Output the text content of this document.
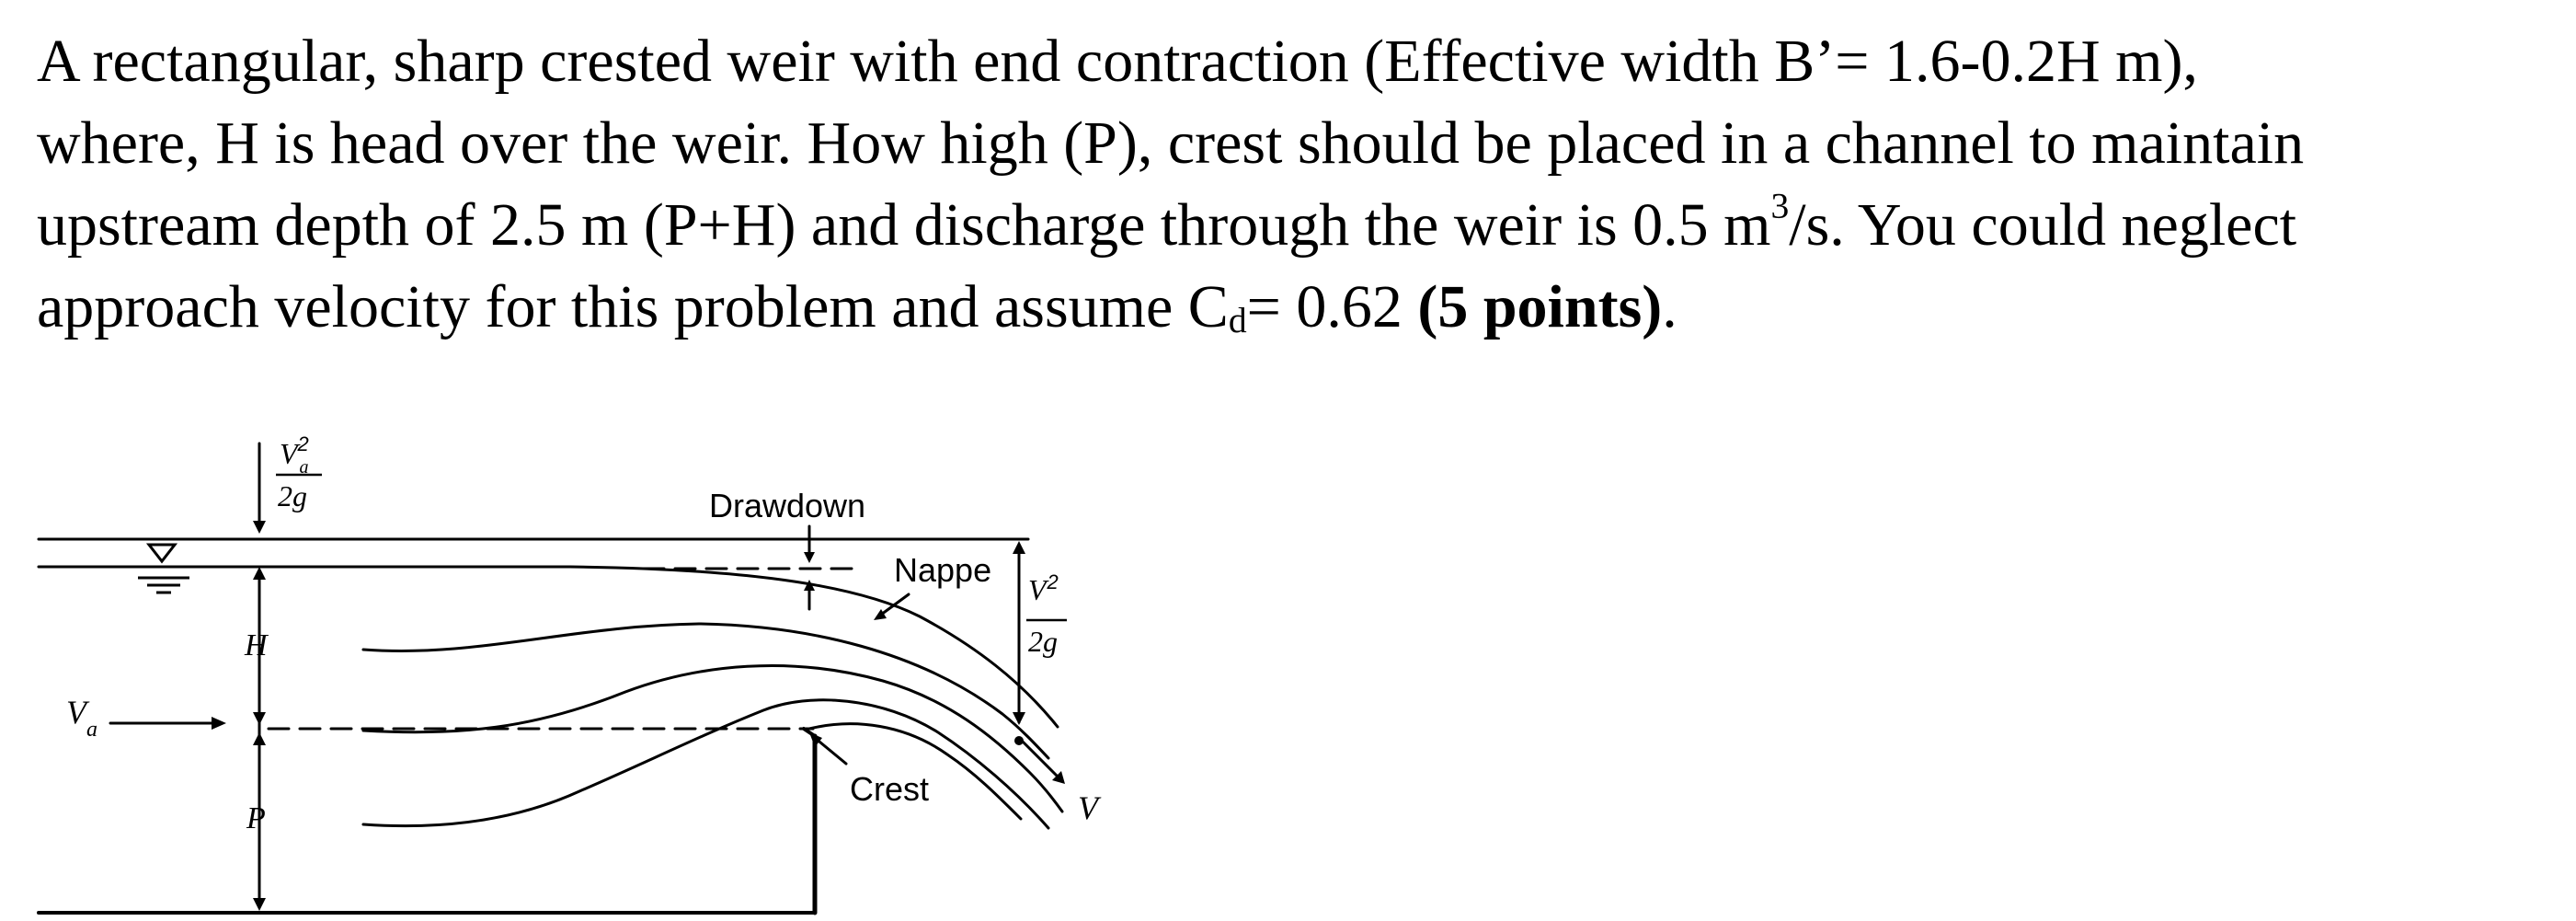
A rectangular, sharp crested weir with end contraction (Effective width B’= 1.6-0.2H m),
where, H is head over the weir. How high (P), crest should be placed in a channel to maintain
upstream depth of 2.5 m (P+H) and discharge through the weir is 0.5 $m^3/s$. You could neglect
approach velocity for this problem and assume Cd= 0.62 (5 points).
Drawdown
Nappe
Crest
H
P
$V_a$
V
V $_a$2
2g
$V^2$
2g
